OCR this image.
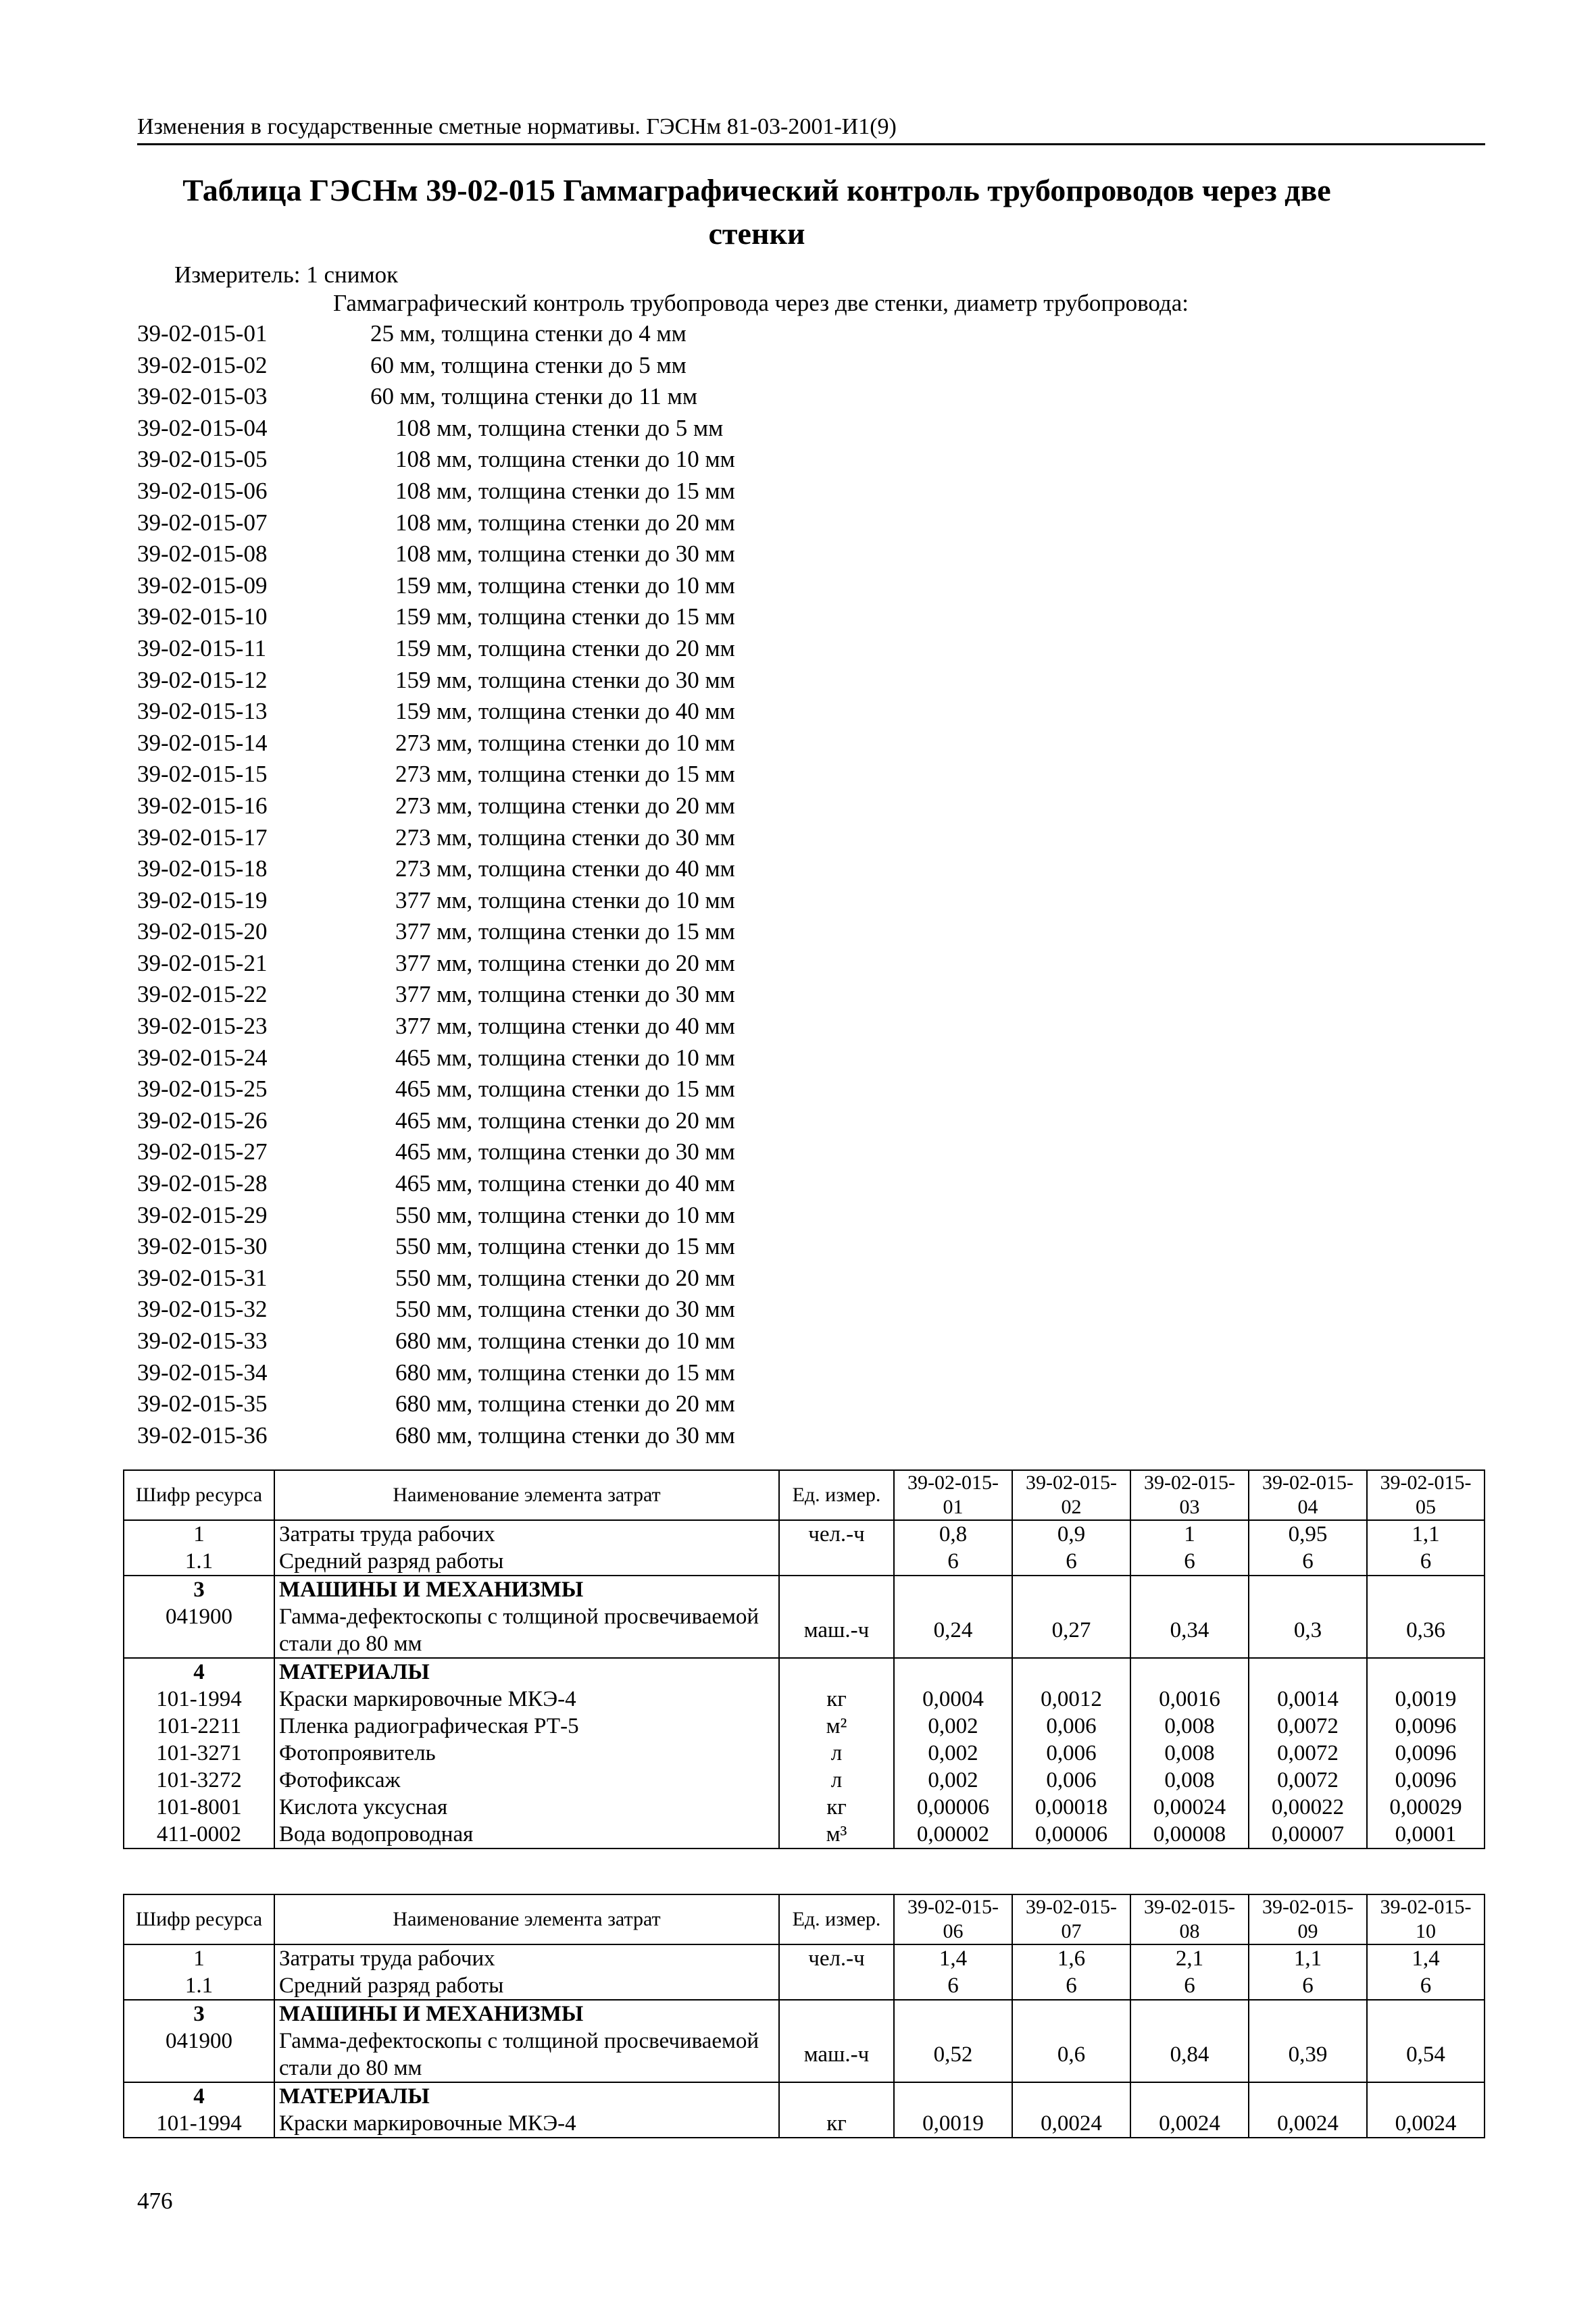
Изменения в государственные сметные нормативы. ГЭСНм 81-03-2001-И1(9)
Таблица ГЭСНм 39-02-015 Гаммаграфический контроль трубопроводов через две стенки
Измеритель: 1 снимок
Гаммаграфический контроль трубопровода через две стенки, диаметр трубопровода:
39-02-015-01	25 мм, толщина стенки до 4 мм
39-02-015-02	60 мм, толщина стенки до 5 мм
39-02-015-03	60 мм, толщина стенки до 11 мм
39-02-015-04	108 мм, толщина стенки до 5 мм
39-02-015-05	108 мм, толщина стенки до 10 мм
39-02-015-06	108 мм, толщина стенки до 15 мм
39-02-015-07	108 мм, толщина стенки до 20 мм
39-02-015-08	108 мм, толщина стенки до 30 мм
39-02-015-09	159 мм, толщина стенки до 10 мм
39-02-015-10	159 мм, толщина стенки до 15 мм
39-02-015-11	159 мм, толщина стенки до 20 мм
39-02-015-12	159 мм, толщина стенки до 30 мм
39-02-015-13	159 мм, толщина стенки до 40 мм
39-02-015-14	273 мм, толщина стенки до 10 мм
39-02-015-15	273 мм, толщина стенки до 15 мм
39-02-015-16	273 мм, толщина стенки до 20 мм
39-02-015-17	273 мм, толщина стенки до 30 мм
39-02-015-18	273 мм, толщина стенки до 40 мм
39-02-015-19	377 мм, толщина стенки до 10 мм
39-02-015-20	377 мм, толщина стенки до 15 мм
39-02-015-21	377 мм, толщина стенки до 20 мм
39-02-015-22	377 мм, толщина стенки до 30 мм
39-02-015-23	377 мм, толщина стенки до 40 мм
39-02-015-24	465 мм, толщина стенки до 10 мм
39-02-015-25	465 мм, толщина стенки до 15 мм
39-02-015-26	465 мм, толщина стенки до 20 мм
39-02-015-27	465 мм, толщина стенки до 30 мм
39-02-015-28	465 мм, толщина стенки до 40 мм
39-02-015-29	550 мм, толщина стенки до 10 мм
39-02-015-30	550 мм, толщина стенки до 15 мм
39-02-015-31	550 мм, толщина стенки до 20 мм
39-02-015-32	550 мм, толщина стенки до 30 мм
39-02-015-33	680 мм, толщина стенки до 10 мм
39-02-015-34	680 мм, толщина стенки до 15 мм
39-02-015-35	680 мм, толщина стенки до 20 мм
39-02-015-36	680 мм, толщина стенки до 30 мм
Шифр ресурса	Наименование элемента затрат	Ед. измер.	39-02-015-01	39-02-015-02	39-02-015-03	39-02-015-04	39-02-015-05
1	Затраты труда рабочих	чел.-ч	0,8	0,9	1	0,95	1,1
1.1	Средний разряд работы		6	6	6	6	6
3	МАШИНЫ И МЕХАНИЗМЫ						
041900	Гамма-дефектоскопы с толщиной просвечиваемой стали до 80 мм	маш.-ч	0,24	0,27	0,34	0,3	0,36
4	МАТЕРИАЛЫ						
101-1994	Краски маркировочные МКЭ-4	кг	0,0004	0,0012	0,0016	0,0014	0,0019
101-2211	Пленка радиографическая РТ-5	м²	0,002	0,006	0,008	0,0072	0,0096
101-3271	Фотопроявитель	л	0,002	0,006	0,008	0,0072	0,0096
101-3272	Фотофиксаж	л	0,002	0,006	0,008	0,0072	0,0096
101-8001	Кислота уксусная	кг	0,00006	0,00018	0,00024	0,00022	0,00029
411-0002	Вода водопроводная	м³	0,00002	0,00006	0,00008	0,00007	0,0001
Шифр ресурса	Наименование элемента затрат	Ед. измер.	39-02-015-06	39-02-015-07	39-02-015-08	39-02-015-09	39-02-015-10
1	Затраты труда рабочих	чел.-ч	1,4	1,6	2,1	1,1	1,4
1.1	Средний разряд работы		6	6	6	6	6
3	МАШИНЫ И МЕХАНИЗМЫ						
041900	Гамма-дефектоскопы с толщиной просвечиваемой стали до 80 мм	маш.-ч	0,52	0,6	0,84	0,39	0,54
4	МАТЕРИАЛЫ						
101-1994	Краски маркировочные МКЭ-4	кг	0,0019	0,0024	0,0024	0,0024	0,0024
476
